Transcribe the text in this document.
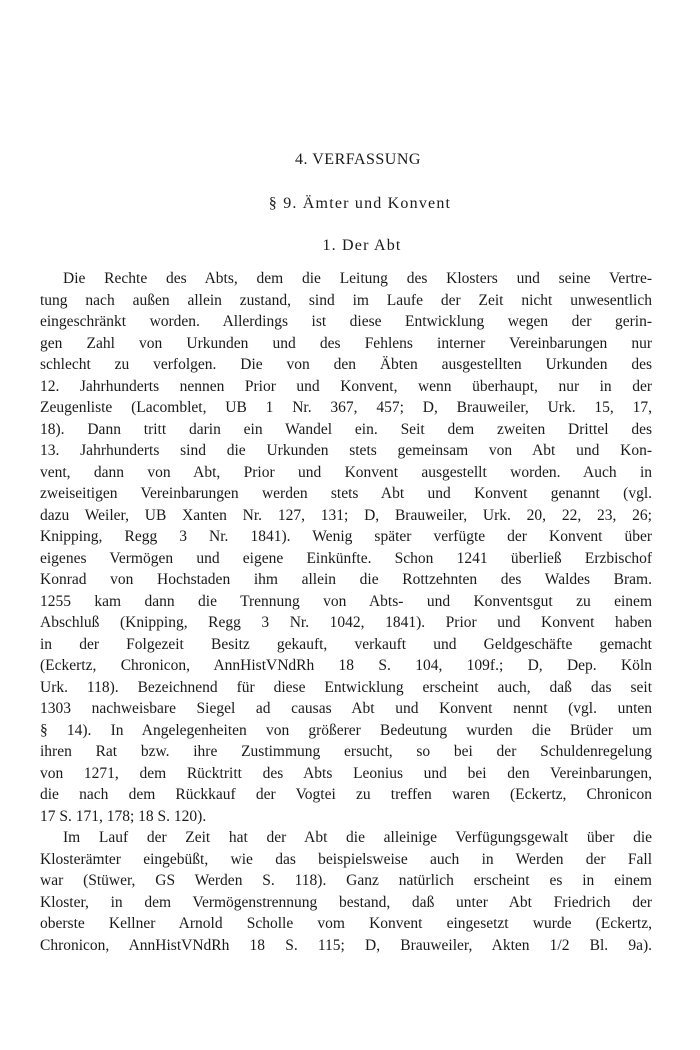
4. VERFASSUNG
§ 9. Ämter und Konvent
1. Der Abt
Die Rechte des Abts, dem die Leitung des Klosters und seine Vertre-
tung nach außen allein zustand, sind im Laufe der Zeit nicht unwesentlich
eingeschränkt worden. Allerdings ist diese Entwicklung wegen der gerin-
gen Zahl von Urkunden und des Fehlens interner Vereinbarungen nur
schlecht zu verfolgen. Die von den Äbten ausgestellten Urkunden des
12. Jahrhunderts nennen Prior und Konvent, wenn überhaupt, nur in der
Zeugenliste (Lacomblet, UB 1 Nr. 367, 457; D, Brauweiler, Urk. 15, 17,
18). Dann tritt darin ein Wandel ein. Seit dem zweiten Drittel des
13. Jahrhunderts sind die Urkunden stets gemeinsam von Abt und Kon-
vent, dann von Abt, Prior und Konvent ausgestellt worden. Auch in
zweiseitigen Vereinbarungen werden stets Abt und Konvent genannt (vgl.
dazu Weiler, UB Xanten Nr. 127, 131; D, Brauweiler, Urk. 20, 22, 23, 26;
Knipping, Regg 3 Nr. 1841). Wenig später verfügte der Konvent über
eigenes Vermögen und eigene Einkünfte. Schon 1241 überließ Erzbischof
Konrad von Hochstaden ihm allein die Rottzehnten des Waldes Bram.
1255 kam dann die Trennung von Abts- und Konventsgut zu einem
Abschluß (Knipping, Regg 3 Nr. 1042, 1841). Prior und Konvent haben
in der Folgezeit Besitz gekauft, verkauft und Geldgeschäfte gemacht
(Eckertz, Chronicon, AnnHistVNdRh 18 S. 104, 109f.; D, Dep. Köln
Urk. 118). Bezeichnend für diese Entwicklung erscheint auch, daß das seit
1303 nachweisbare Siegel ad causas Abt und Konvent nennt (vgl. unten
§ 14). In Angelegenheiten von größerer Bedeutung wurden die Brüder um
ihren Rat bzw. ihre Zustimmung ersucht, so bei der Schuldenregelung
von 1271, dem Rücktritt des Abts Leonius und bei den Vereinbarungen,
die nach dem Rückkauf der Vogtei zu treffen waren (Eckertz, Chronicon
17 S. 171, 178; 18 S. 120).
Im Lauf der Zeit hat der Abt die alleinige Verfügungsgewalt über die
Klosterämter eingebüßt, wie das beispielsweise auch in Werden der Fall
war (Stüwer, GS Werden S. 118). Ganz natürlich erscheint es in einem
Kloster, in dem Vermögenstrennung bestand, daß unter Abt Friedrich der
oberste Kellner Arnold Scholle vom Konvent eingesetzt wurde (Eckertz,
Chronicon, AnnHistVNdRh 18 S. 115; D, Brauweiler, Akten 1/2 Bl. 9a).
